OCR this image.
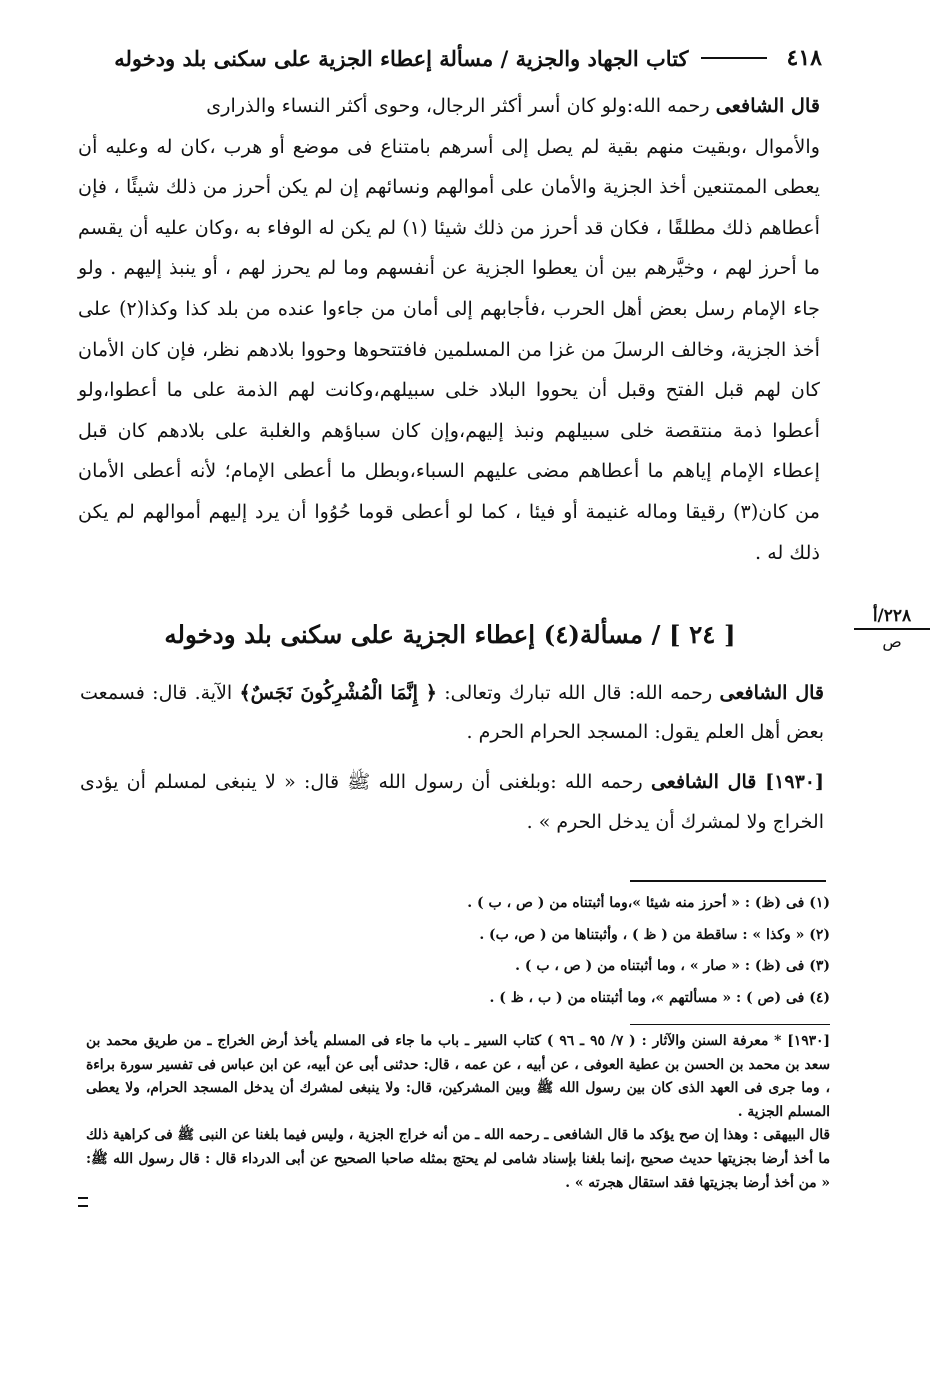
٤١٨
كتاب الجهاد والجزية / مسألة إعطاء الجزية على سكنى بلد ودخوله
قال الشافعى رحمه الله:ولو كان أسر أكثر الرجال، وحوى أكثر النساء والذرارى
والأموال ،وبقيت منهم بقية لم يصل إلى أسرهم بامتناع فى موضع أو هرب ،كان له وعليه أن يعطى الممتنعين أخذ الجزية والأمان على أموالهم ونسائهم إن لم يكن أحرز من ذلك شيئًا ، فإن أعطاهم ذلك مطلقًا ، فكان قد أحرز من ذلك شيئا (١) لم يكن له الوفاء به ،وكان عليه أن يقسم ما أحرز لهم ، وخيَّرهم بين أن يعطوا الجزية عن أنفسهم وما لم يحرز لهم ، أو ينبذ إليهم . ولو جاء الإمام رسل بعض أهل الحرب ،فأجابهم إلى أمان من جاءوا عنده من بلد كذا وكذا(٢) على أخذ الجزية، وخالف الرسلَ من غزا من المسلمين فافتتحوها وحووا بلادهم نظر، فإن كان الأمان كان لهم قبل الفتح وقبل أن يحووا البلاد خلى سبيلهم،وكانت لهم الذمة على ما أعطوا،ولو أعطوا ذمة منتقصة خلى سبيلهم ونبذ إليهم،وإن كان سباؤهم والغلبة على بلادهم كان قبل إعطاء الإمام إياهم ما أعطاهم مضى عليهم السباء،وبطل ما أعطى الإمام؛ لأنه أعطى الأمان من كان(٣) رقيقا وماله غنيمة أو فيئا ، كما لو أعطى قوما حُوُوا أن يرد إليهم أموالهم لم يكن ذلك له .
٢٢٨/أ
ص
[ ٢٤ ] / مسألة(٤) إعطاء الجزية على سكنى بلد ودخوله
قال الشافعى رحمه الله: قال الله تبارك وتعالى: ﴿ إِنَّمَا الْمُشْرِكُونَ نَجَسٌ﴾ الآية. قال: فسمعت بعض أهل العلم يقول: المسجد الحرام الحرم .
[١٩٣٠] قال الشافعى رحمه الله :وبلغنى أن رسول الله ﷺ قال: « لا ينبغى لمسلم أن يؤدى الخراج ولا لمشرك أن يدخل الحرم » .
(١) فى (ظ) : « أحرز منه شيئا »،وما أثبتناه من ( ص ، ب ) .
(٢) « وكذا » : ساقطة من ( ظ ) ، وأثبتناها من ( ص، ب) .
(٣) فى (ظ) : « صار » ، وما أثبتناه من ( ص ، ب ) .
(٤) فى (ص ) : « مسألتهم »، وما أثبتناه من ( ب ، ظ ) .

[١٩٣٠] * معرفة السنن والآثار : ( ٧/ ٩٥ ـ ٩٦ ) كتاب السير ـ باب ما جاء فى المسلم يأخذ أرض الخراج ـ من طريق محمد بن سعد بن محمد بن الحسن بن عطية العوفى ، عن أبيه ، عن عمه ، قال: حدثنى أبى عن أبيه، عن ابن عباس فى تفسير سورة براءة ، وما جرى فى العهد الذى كان بين رسول الله ﷺ وبين المشركين، قال: ولا ينبغى لمشرك أن يدخل المسجد الحرام، ولا يعطى المسلم الجزية .

قال البيهقى : وهذا إن صح يؤكد ما قال الشافعى ـ رحمه الله ـ من أنه خراج الجزية ، وليس فيما بلغنا عن النبى ﷺ فى كراهية ذلك ما أخذ أرضا بجزيتها حديث صحيح ،إنما بلغنا بإسناد شامى لم يحتج بمثله صاحبا الصحيح عن أبى الدرداء قال : قال رسول الله ﷺ: « من أخذ أرضا بجزيتها فقد استقال هجرته » .
